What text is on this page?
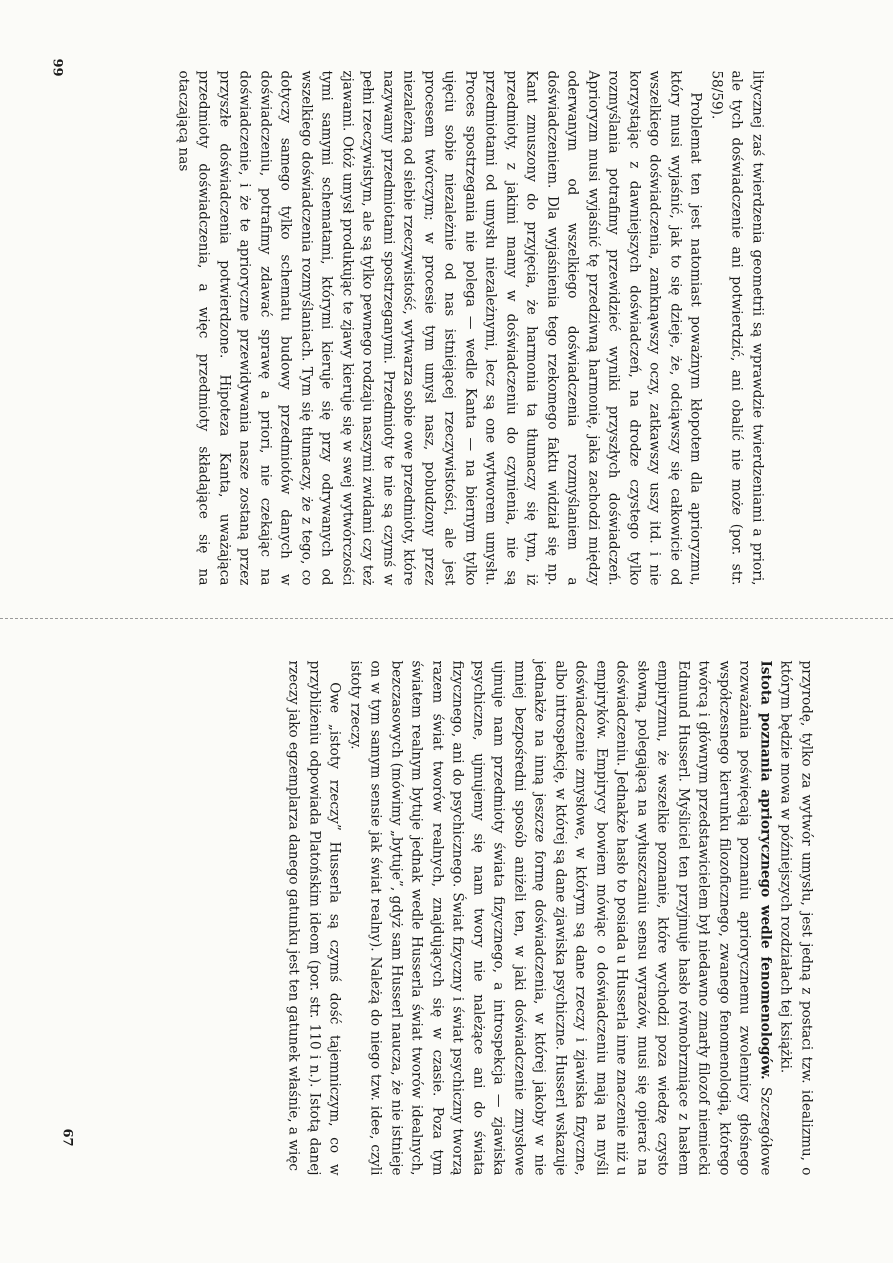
litycznej zaś twierdzenia geometrii są wprawdzie twierdzeniami a priori, ale tych doświadczenie ani potwierdzić, ani obalić nie może (por. str. 58/59).

Problemat ten jest natomiast poważnym kłopotem dla aprioryzmu, który musi wyjaśnić, jak to się dzieje, że, odciąwszy się całkowicie od wszelkiego doświadczenia, zamknąwszy oczy, zatkawszy uszy itd. i nie korzystając z dawniejszych doświadczeń, na drodze czystego tylko rozmyślania potrafimy przewidzieć wyniki przyszłych doświadczeń. Aprioryzm musi wyjaśnić tę przedziwną harmonię, jaka zachodzi między oderwanym od wszelkiego doświadczenia rozmyślaniem a doświadczeniem. Dla wyjaśnienia tego rzekomego faktu widział się np. Kant zmuszony do przyjęcia, że harmonia ta tłumaczy się tym, iż przedmioty, z jakimi mamy w doświadczeniu do czynienia, nie są przedmiotami od umysłu niezależnymi, lecz są one wytworem umysłu. Proces spostrzegania nie polega — wedle Kanta — na biernym tylko ujęciu sobie niezależnie od nas istniejącej rzeczywistości, ale jest procesem twórczym; w procesie tym umysł nasz, pobudzony przez niezależną od siebie rzeczywistość, wytwarza sobie owe przedmioty, które nazywamy przedmiotami spostrzeganymi. Przedmioty te nie są czymś w pełni rzeczywistym, ale są tylko pewnego rodzaju naszymi zwidami czy też zjawami. Otóż umysł produkując te zjawy kieruje się w swej wytwórczości tymi samymi schematami, którymi kieruje się przy odrywanych od wszelkiego doświadczenia rozmyślaniach. Tym się tłumaczy, że z tego, co dotyczy samego tylko schematu budowy przedmiotów danych w doświadczeniu, potrafimy zdawać sprawę a priori, nie czekając na doświadczenie, i że te aprioryczne przewidywania nasze zostaną przez przyszłe doświadczenia potwierdzone. Hipoteza Kanta, uważająca przedmioty doświadczenia, a więc przedmioty składające się na otaczającą nas

99

przyrodę, tylko za wytwór umysłu, jest jedną z postaci tzw. idealizmu, o którym będzie mowa w późniejszych rozdziałach tej książki.

Istota poznania apriorycznego wedle fenomenologów. Szczegółowe rozważania poświęcają poznaniu apriorycznemu zwolennicy głośnego współczesnego kierunku filozoficznego, zwanego fenomenologią, którego twórcą i głównym przedstawicielem był niedawno zmarły filozof niemiecki Edmund Husserl. Myśliciel ten przyjmuje hasło równobrzmiące z hasłem empiryzmu, że wszelkie poznanie, które wychodzi poza wiedzę czysto słowną, polegającą na wyłuszczaniu sensu wyrazów, musi się opierać na doświadczeniu. Jednakże hasło to posiada u Husserla inne znaczenie niż u empiryków. Empirycy bowiem mówiąc o doświadczeniu mają na myśli doświadczenie zmysłowe, w którym są dane rzeczy i zjawiska fizyczne, albo introspekcję, w której są dane zjawiska psychiczne. Husserl wskazuje jednakże na inną jeszcze formę doświadczenia, w której jakoby w nie mniej bezpośredni sposób aniżeli ten, w jaki doświadczenie zmysłowe ujmuje nam przedmioty świata fizycznego, a introspekcja — zjawiska psychiczne, ujmujemy się nam twory nie należące ani do świata fizycznego, ani do psychicznego. Świat fizyczny i świat psychiczny tworzą razem świat tworów realnych, znajdujących się w czasie. Poza tym światem realnym bytuje jednak wedle Husserla świat tworów idealnych, bezczasowych (mówimy „bytuje”, gdyż sam Husserl naucza, że nie istnieje on w tym samym sensie jak świat realny). Należą do niego tzw. idee, czyli istoty rzeczy.

Owe „istoty rzeczy” Husserla są czymś dość tajemniczym, co w przybliżeniu odpowiada Platońskim ideom (por. str. 110 i n.). Istotą danej rzeczy jako egzemplarza danego gatunku jest ten gatunek właśnie, a więc

67
